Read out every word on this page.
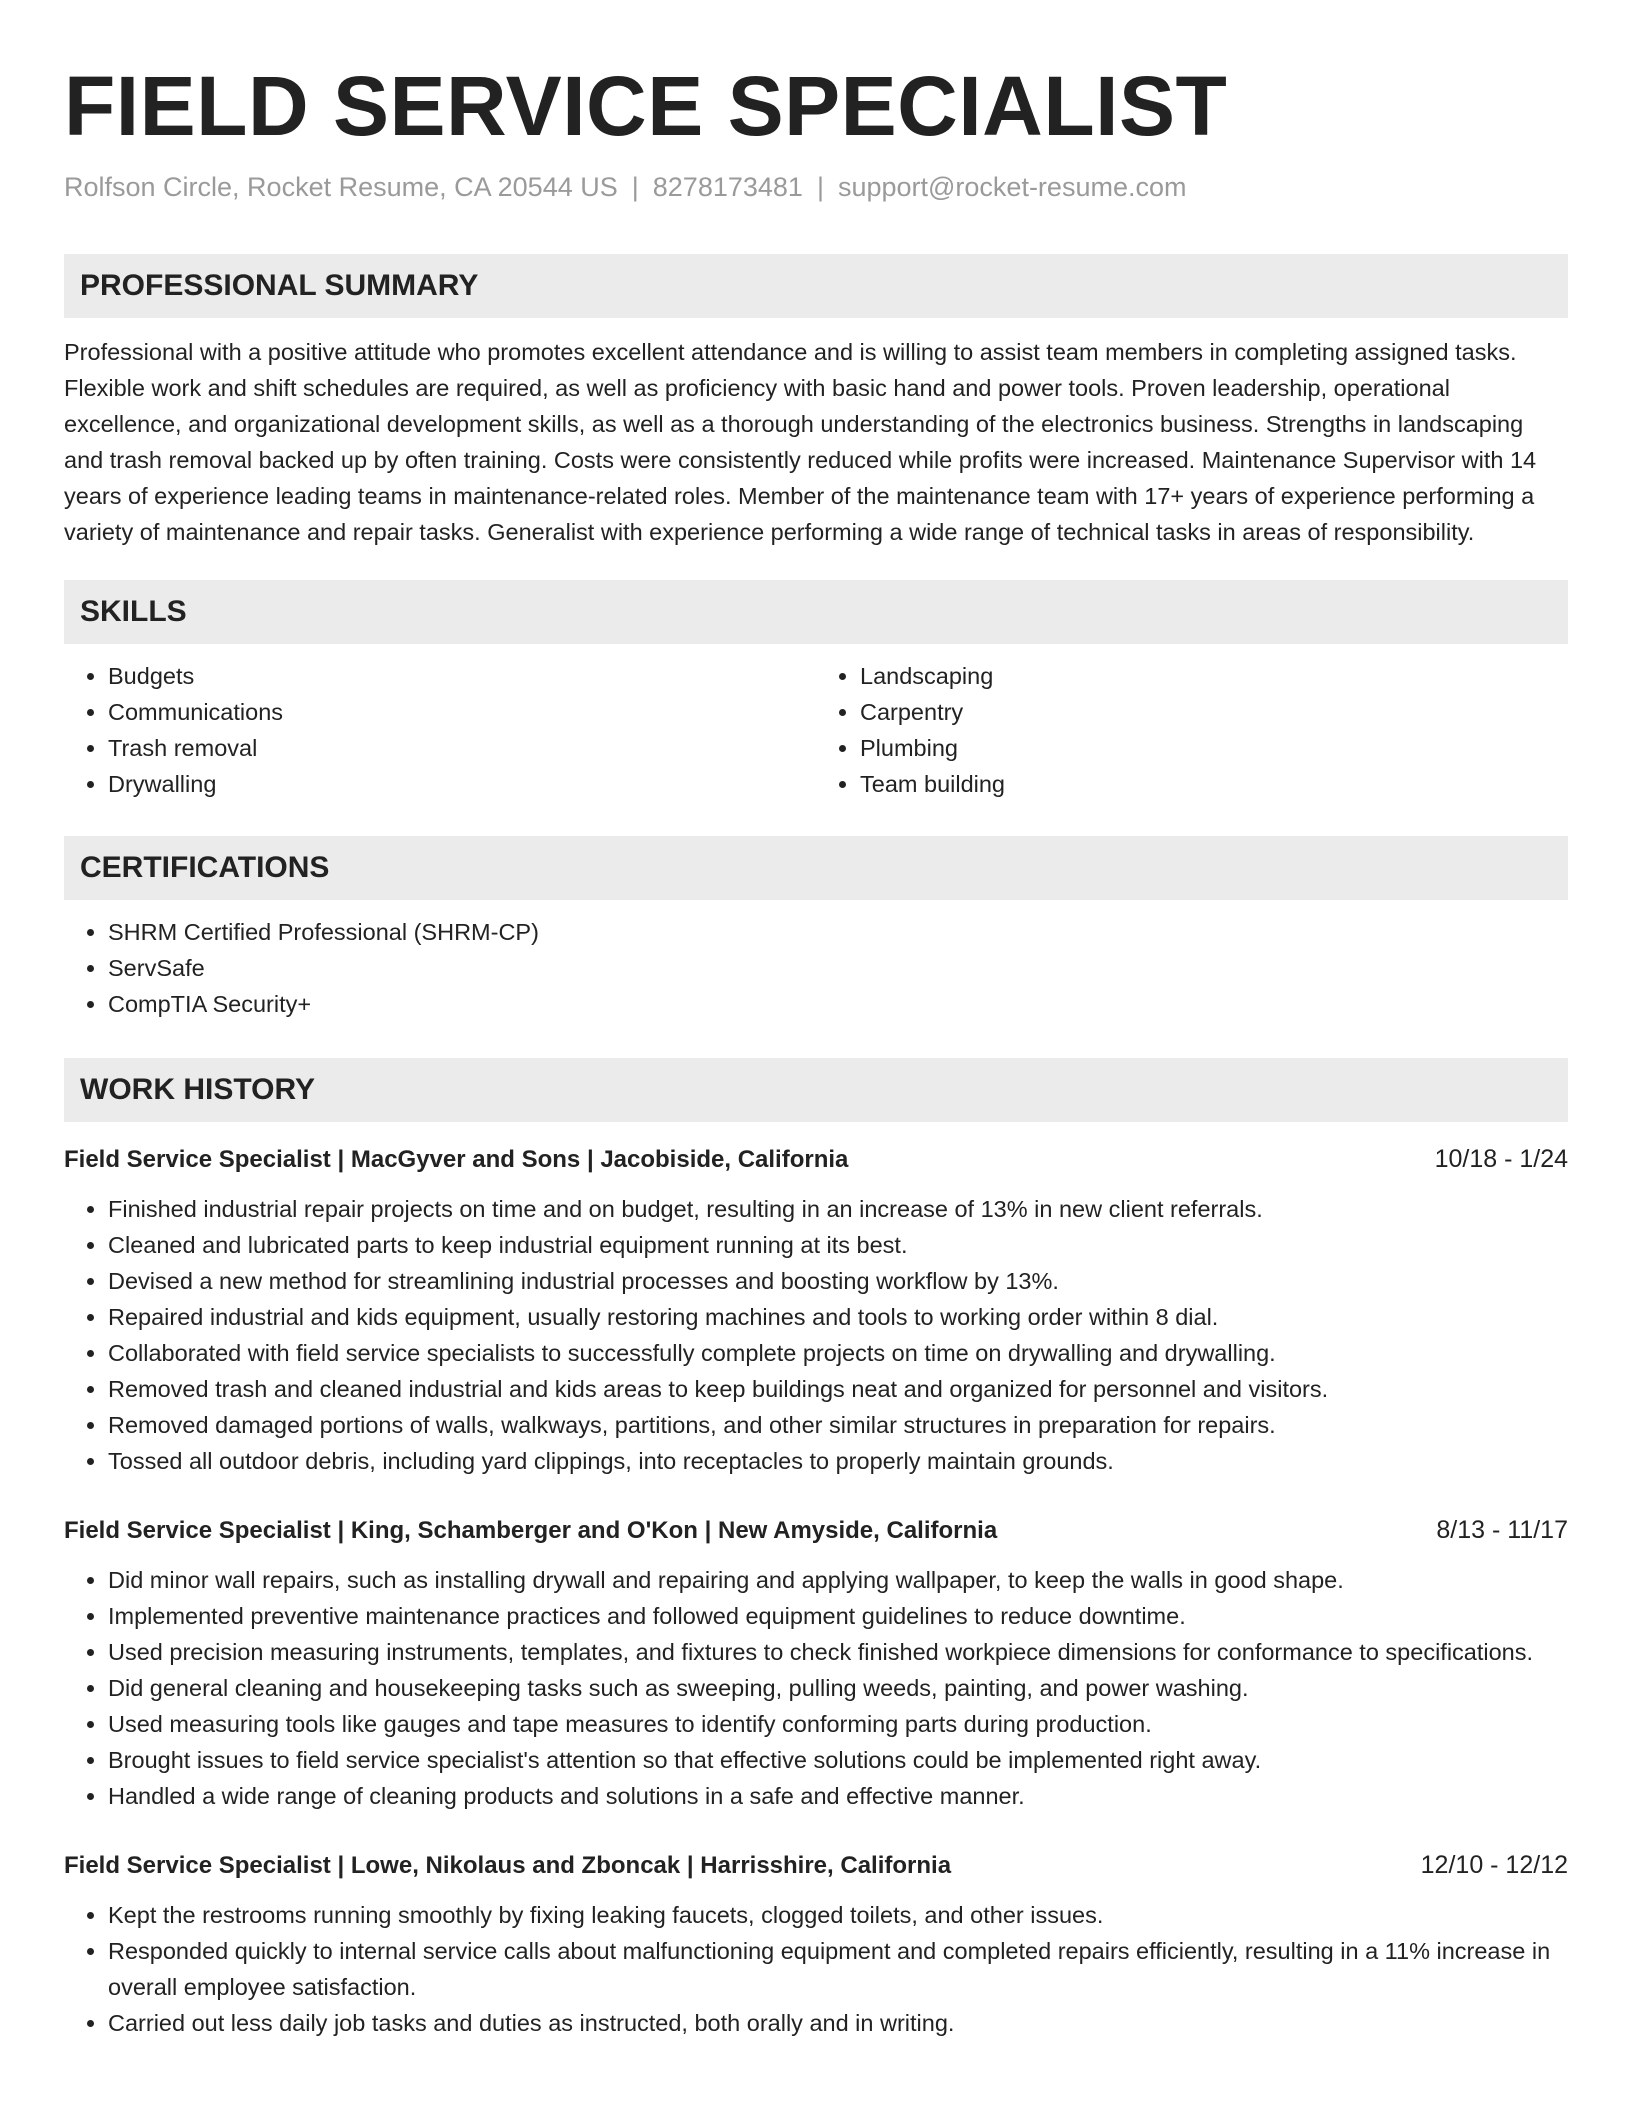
FIELD SERVICE SPECIALIST
Rolfson Circle, Rocket Resume, CA 20544 US | 8278173481 | support@rocket-resume.com
PROFESSIONAL SUMMARY
Professional with a positive attitude who promotes excellent attendance and is willing to assist team members in completing assigned tasks. Flexible work and shift schedules are required, as well as proficiency with basic hand and power tools. Proven leadership, operational excellence, and organizational development skills, as well as a thorough understanding of the electronics business. Strengths in landscaping and trash removal backed up by often training. Costs were consistently reduced while profits were increased. Maintenance Supervisor with 14 years of experience leading teams in maintenance-related roles. Member of the maintenance team with 17+ years of experience performing a variety of maintenance and repair tasks. Generalist with experience performing a wide range of technical tasks in areas of responsibility.
SKILLS
• Budgets
• Communications
• Trash removal
• Drywalling
• Landscaping
• Carpentry
• Plumbing
• Team building
CERTIFICATIONS
• SHRM Certified Professional (SHRM-CP)
• ServSafe
• CompTIA Security+
WORK HISTORY
Field Service Specialist | MacGyver and Sons | Jacobiside, California	10/18 - 1/24
• Finished industrial repair projects on time and on budget, resulting in an increase of 13% in new client referrals.
• Cleaned and lubricated parts to keep industrial equipment running at its best.
• Devised a new method for streamlining industrial processes and boosting workflow by 13%.
• Repaired industrial and kids equipment, usually restoring machines and tools to working order within 8 dial.
• Collaborated with field service specialists to successfully complete projects on time on drywalling and drywalling.
• Removed trash and cleaned industrial and kids areas to keep buildings neat and organized for personnel and visitors.
• Removed damaged portions of walls, walkways, partitions, and other similar structures in preparation for repairs.
• Tossed all outdoor debris, including yard clippings, into receptacles to properly maintain grounds.
Field Service Specialist | King, Schamberger and O'Kon | New Amyside, California	8/13 - 11/17
• Did minor wall repairs, such as installing drywall and repairing and applying wallpaper, to keep the walls in good shape.
• Implemented preventive maintenance practices and followed equipment guidelines to reduce downtime.
• Used precision measuring instruments, templates, and fixtures to check finished workpiece dimensions for conformance to specifications.
• Did general cleaning and housekeeping tasks such as sweeping, pulling weeds, painting, and power washing.
• Used measuring tools like gauges and tape measures to identify conforming parts during production.
• Brought issues to field service specialist's attention so that effective solutions could be implemented right away.
• Handled a wide range of cleaning products and solutions in a safe and effective manner.
Field Service Specialist | Lowe, Nikolaus and Zboncak | Harrisshire, California	12/10 - 12/12
• Kept the restrooms running smoothly by fixing leaking faucets, clogged toilets, and other issues.
• Responded quickly to internal service calls about malfunctioning equipment and completed repairs efficiently, resulting in a 11% increase in overall employee satisfaction.
• Carried out less daily job tasks and duties as instructed, both orally and in writing.
